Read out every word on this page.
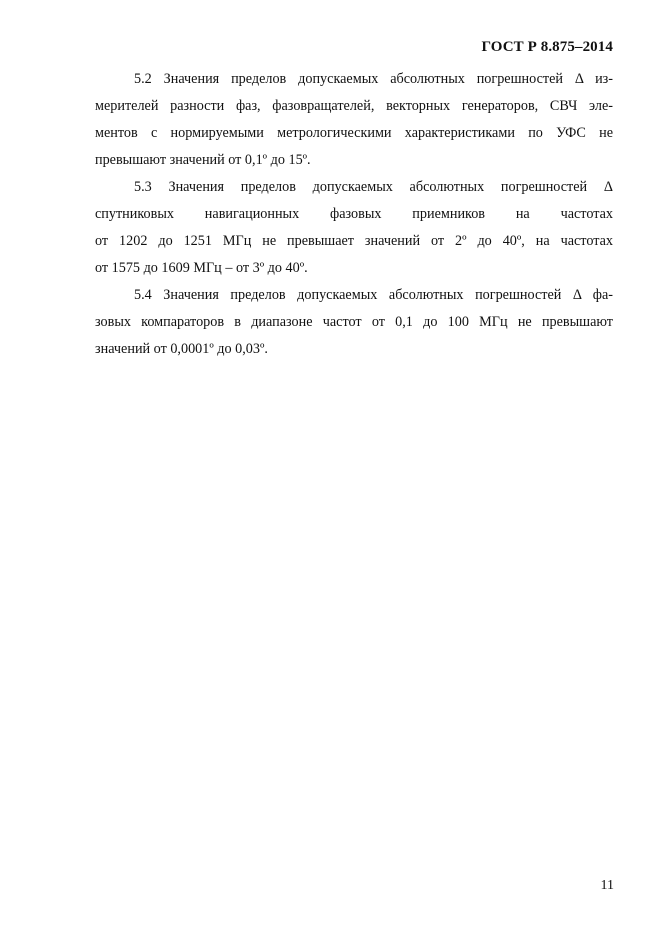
ГОСТ Р 8.875–2014
5.2 Значения пределов допускаемых абсолютных погрешностей Δ из-
мерителей разности фаз, фазовращателей, векторных генераторов, СВЧ эле-
ментов с нормируемыми метрологическими характеристиками по УФС не
превышают значений от 0,1º до 15º.
5.3 Значения пределов допускаемых абсолютных погрешностей Δ
спутниковых навигационных фазовых приемников на частотах
от 1202 до 1251 МГц не превышает значений от 2º до 40º, на частотах
от 1575 до 1609 МГц – от 3º до 40º.
5.4 Значения пределов допускаемых абсолютных погрешностей Δ фа-
зовых компараторов в диапазоне частот от 0,1 до 100 МГц не превышают
значений от 0,0001º до 0,03º.
11
